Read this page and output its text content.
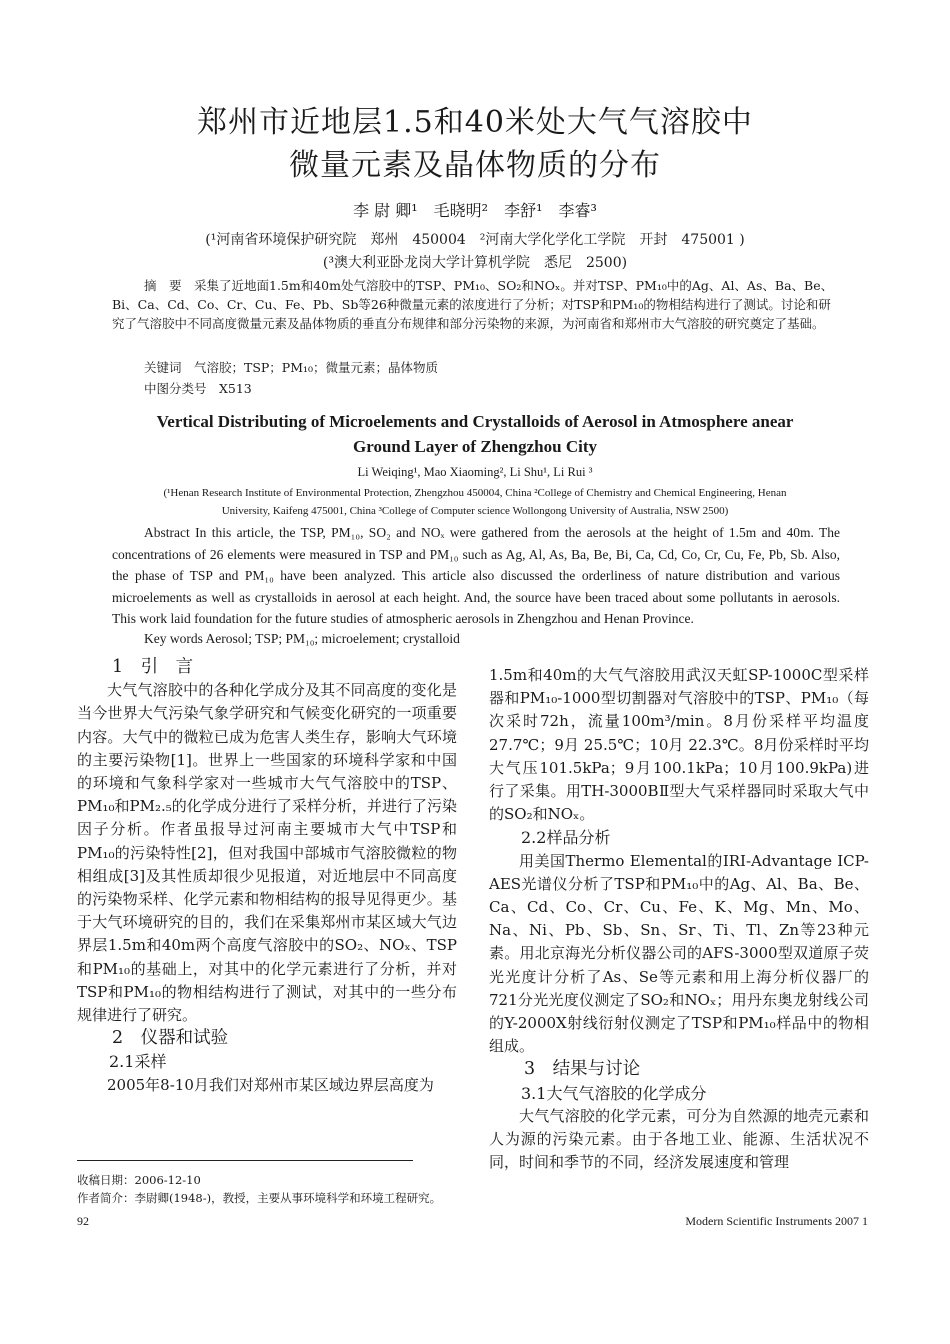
郑州市近地层1.5和40米处大气气溶胶中
微量元素及晶体物质的分布
李 尉 卿¹　毛晓明²　李舒¹　李睿³
(¹河南省环境保护研究院　郑州　450004　²河南大学化学化工学院　开封　475001 )
(³澳大利亚卧龙岗大学计算机学院　悉尼　2500)
摘　要　采集了近地面1.5m和40m处气溶胶中的TSP、PM₁₀、SO₂和NOₓ。并对TSP、PM₁₀中的Ag、Al、As、Ba、Be、Bi、Ca、Cd、Co、Cr、Cu、Fe、Pb、Sb等26种微量元素的浓度进行了分析；对TSP和PM₁₀的物相结构进行了测试。讨论和研究了气溶胶中不同高度微量元素及晶体物质的垂直分布规律和部分污染物的来源，为河南省和郑州市大气溶胶的研究奠定了基础。
关键词　气溶胶；TSP；PM₁₀；微量元素；晶体物质
中图分类号　X513
Vertical Distributing of Microelements and Crystalloids of Aerosol in Atmosphere anear
Ground Layer of Zhengzhou City
Li Weiqing¹, Mao Xiaoming², Li Shu¹, Li Rui ³
(¹Henan Research Institute of Environmental Protection, Zhengzhou 450004, China ²College of Chemistry and Chemical Engineering, Henan
University, Kaifeng 475001, China ³College of Computer science Wollongong University of Australia, NSW 2500)
Abstract In this article, the TSP, PM₁₀, SO₂ and NOₓ were gathered from the aerosols at the height of 1.5m and 40m. The concentrations of 26 elements were measured in TSP and PM₁₀ such as Ag, Al, As, Ba, Be, Bi, Ca, Cd, Co, Cr, Cu, Fe, Pb, Sb. Also, the phase of TSP and PM₁₀ have been analyzed. This article also discussed the orderliness of nature distribution and various microelements as well as crystalloids in aerosol at each height. And, the source have been traced about some pollutants in aerosols. This work laid foundation for the future studies of atmospheric aerosols in Zhengzhou and Henan Province.
Key words Aerosol; TSP; PM₁₀; microelement; crystalloid

1　引　言

大气气溶胶中的各种化学成分及其不同高度的变化是当今世界大气污染气象学研究和气候变化研究的一项重要内容。大气中的微粒已成为危害人类生存，影响大气环境的主要污染物[1]。世界上一些国家的环境科学家和中国的环境和气象科学家对一些城市大气气溶胶中的TSP、PM₁₀和PM₂.₅的化学成分进行了采样分析，并进行了污染因子分析。作者虽报导过河南主要城市大气中TSP和PM₁₀的污染特性[2]，但对我国中部城市气溶胶微粒的物相组成[3]及其性质却很少见报道，对近地层中不同高度的污染物采样、化学元素和物相结构的报导见得更少。基于大气环境研究的目的，我们在采集郑州市某区域大气边界层1.5m和40m两个高度气溶胶中的SO₂、NOₓ、TSP和PM₁₀的基础上，对其中的化学元素进行了分析，并对TSP和PM₁₀的物相结构进行了测试，对其中的一些分布规律进行了研究。

2　仪器和试验

2.1采样

2005年8-10月我们对郑州市某区域边界层高度为

1.5m和40m的大气气溶胶用武汉天虹SP-1000C型采样器和PM₁₀-1000型切割器对气溶胶中的TSP、PM₁₀（每次采时72h，流量100m³/min。8月份采样平均温度27.7℃；9月 25.5℃；10月 22.3℃。8月份采样时平均大气压101.5kPa；9月100.1kPa；10月100.9kPa)进行了采集。用TH-3000BⅡ型大气采样器同时采取大气中的SO₂和NOₓ。

2.2样品分析

用美国Thermo Elemental的IRI-Advantage ICP-AES光谱仪分析了TSP和PM₁₀中的Ag、Al、Ba、Be、Ca、Cd、Co、Cr、Cu、Fe、K、Mg、Mn、Mo、Na、Ni、Pb、Sb、Sn、Sr、Ti、Tl、Zn等23种元素。用北京海光分析仪器公司的AFS-3000型双道原子荧光光度计分析了As、Se等元素和用上海分析仪器厂的721分光光度仪测定了SO₂和NOₓ；用丹东奥龙射线公司的Y-2000X射线衍射仪测定了TSP和PM₁₀样品中的物相组成。

3　结果与讨论

3.1大气气溶胶的化学成分

大气气溶胶的化学元素，可分为自然源的地壳元素和人为源的污染元素。由于各地工业、能源、生活状况不同，时间和季节的不同，经济发展速度和管理

收稿日期：2006-12-10
作者简介：李尉卿(1948-)，教授，主要从事环境科学和环境工程研究。
92	Modern Scientific Instruments 2007 1
